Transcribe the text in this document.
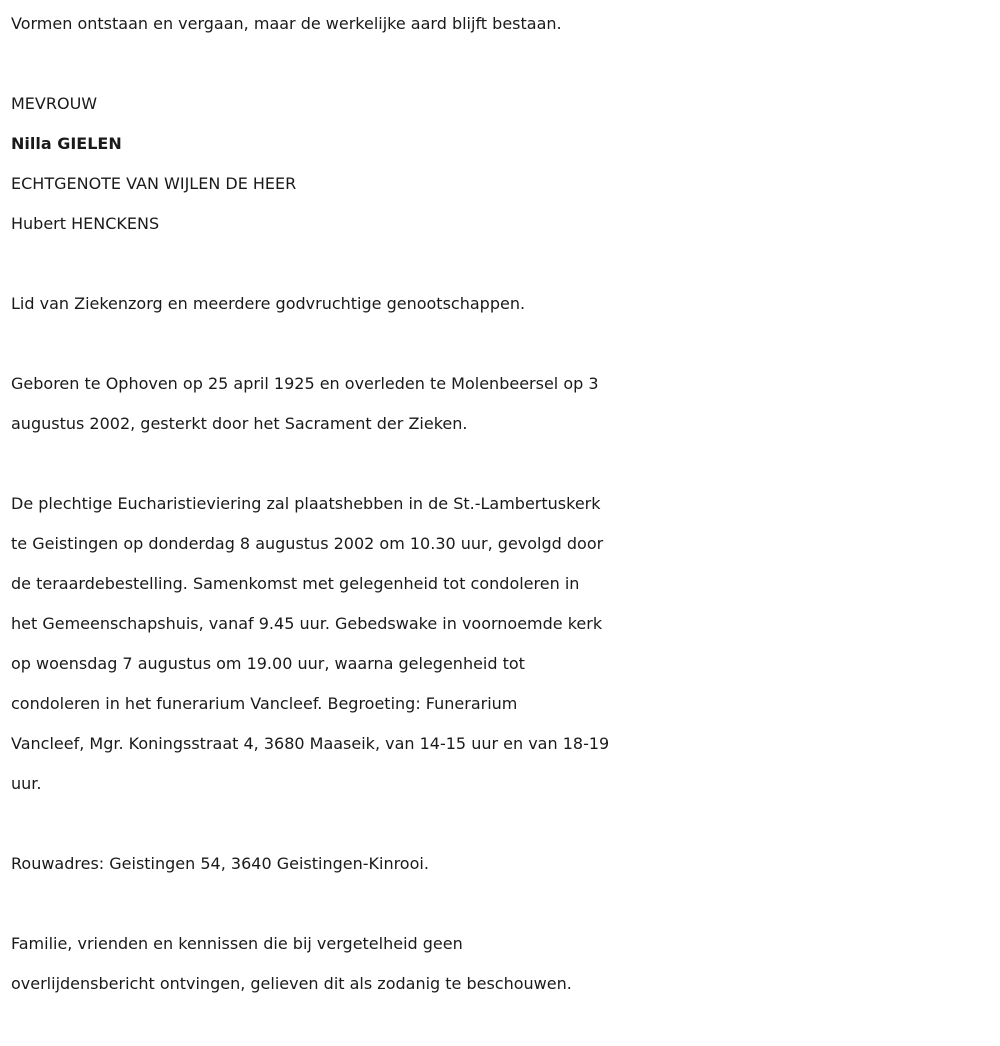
Vormen ontstaan en vergaan, maar de werkelijke aard blijft bestaan.

MEVROUW

Nilla GIELEN

ECHTGENOTE VAN WIJLEN DE HEER

Hubert HENCKENS

Lid van Ziekenzorg en meerdere godvruchtige genootschappen.

Geboren te Ophoven op 25 april 1925 en overleden te Molenbeersel op 3

augustus 2002, gesterkt door het Sacrament der Zieken.

De plechtige Eucharistieviering zal plaatshebben in de St.-Lambertuskerk

te Geistingen op donderdag 8 augustus 2002 om 10.30 uur, gevolgd door

de teraardebestelling. Samenkomst met gelegenheid tot condoleren in

het Gemeenschapshuis, vanaf 9.45 uur. Gebedswake in voornoemde kerk

op woensdag 7 augustus om 19.00 uur, waarna gelegenheid tot

condoleren in het funerarium Vancleef. Begroeting: Funerarium

Vancleef, Mgr. Koningsstraat 4, 3680 Maaseik, van 14-15 uur en van 18-19

uur.

Rouwadres: Geistingen 54, 3640 Geistingen-Kinrooi.

Familie, vrienden en kennissen die bij vergetelheid geen

overlijdensbericht ontvingen, gelieven dit als zodanig te beschouwen.
